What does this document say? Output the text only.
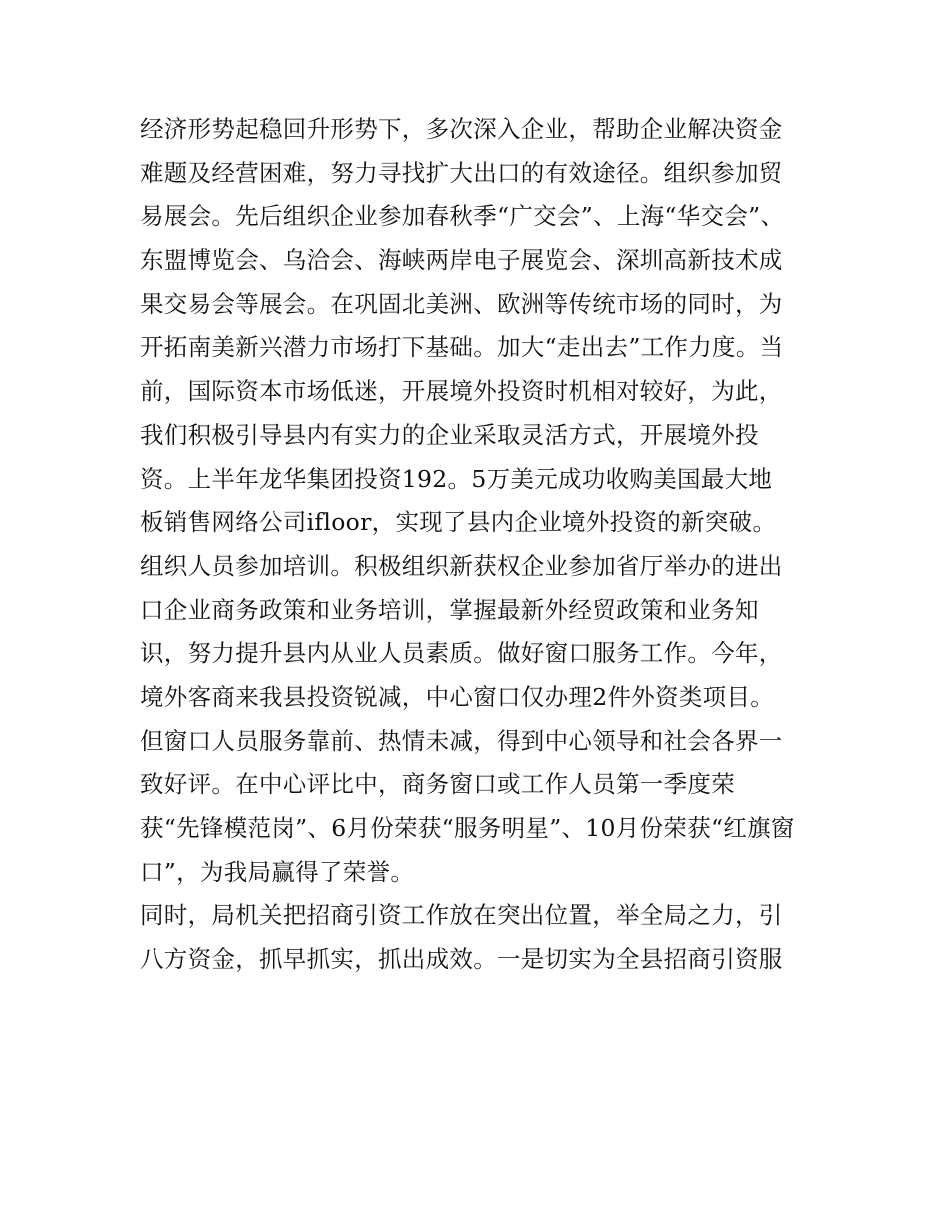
经济形势起稳回升形势下，多次深入企业，帮助企业解决资金
难题及经营困难，努力寻找扩大出口的有效途径。组织参加贸
易展会。先后组织企业参加春秋季“广交会”、上海“华交会”、
东盟博览会、乌洽会、海峡两岸电子展览会、深圳高新技术成
果交易会等展会。在巩固北美洲、欧洲等传统市场的同时，为
开拓南美新兴潜力市场打下基础。加大“走出去”工作力度。当
前，国际资本市场低迷，开展境外投资时机相对较好，为此，
我们积极引导县内有实力的企业采取灵活方式，开展境外投
资。上半年龙华集团投资192。5万美元成功收购美国最大地
板销售网络公司ifloor，实现了县内企业境外投资的新突破。
组织人员参加培训。积极组织新获权企业参加省厅举办的进出
口企业商务政策和业务培训，掌握最新外经贸政策和业务知
识，努力提升县内从业人员素质。做好窗口服务工作。今年，
境外客商来我县投资锐减，中心窗口仅办理2件外资类项目。
但窗口人员服务靠前、热情未减，得到中心领导和社会各界一
致好评。在中心评比中，商务窗口或工作人员第一季度荣
获“先锋模范岗”、6月份荣获“服务明星”、10月份荣获“红旗窗
口”，为我局赢得了荣誉。
同时，局机关把招商引资工作放在突出位置，举全局之力，引
八方资金，抓早抓实，抓出成效。一是切实为全县招商引资服
